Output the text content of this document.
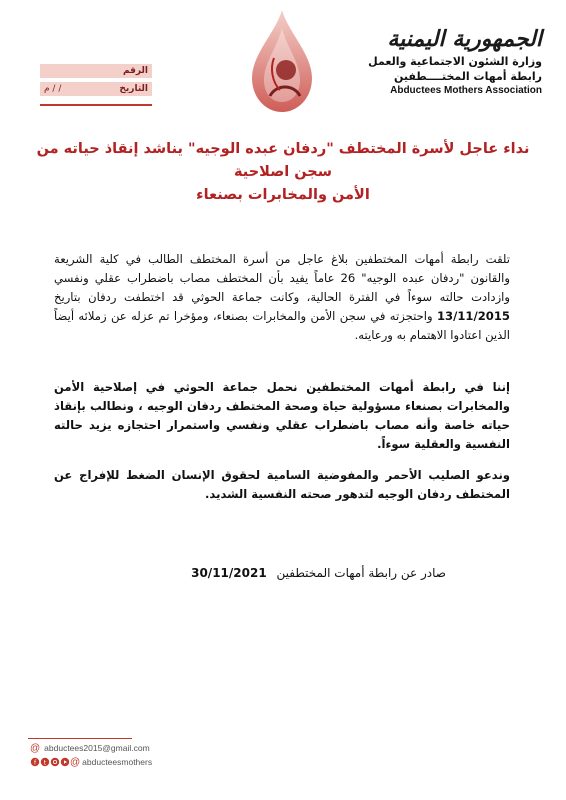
الجمهورية اليمنية
وزارة الشئون الاجتماعية والعمل
رابطة أمهات المختــــطفين
Abductees Mothers Association
الرقم
التاريخ
/ / م
نداء عاجل لأسرة المختطف "ردفان عبده الوجيه" يناشد إنقاذ حياته من سجن اصلاحية
الأمن والمخابرات بصنعاء
تلقت رابطة أمهات المختطفين بلاغ عاجل من أسرة المختطف الطالب في كلية الشريعة والقانون "ردفان عبده الوجيه" 26 عاماً يفيد بأن المختطف مصاب باضطراب عقلي ونفسي وازدادت حالته سوءاً في الفترة الحالية، وكانت جماعة الحوثي قد اختطفت ردفان بتاريخ 13/11/2015 واحتجزته في سجن الأمن والمخابرات بصنعاء، ومؤخرا تم عزله عن زملائه أيضاً الذين اعتادوا الاهتمام به ورعايته.
إننا في رابطة أمهات المختطفين نحمل جماعة الحوثي في إصلاحية الأمن والمخابرات بصنعاء مسؤولية حياة وصحة المختطف ردفان الوجيه ، ونطالب بإنقاذ حياته خاصة وأنه مصاب باضطراب عقلي ونفسي واستمرار احتجازه يزيد حالته النفسية والعقلية سوءاً.
وندعو الصليب الأحمر والمفوضية السامية لحقوق الإنسان الضغط للإفراج عن المختطف ردفان الوجيه لتدهور صحته النفسية الشديد.
صادر عن رابطة أمهات المختطفين 30/11/2021
@ abductees2015@gmail.com
f t @ abducteesmothers
